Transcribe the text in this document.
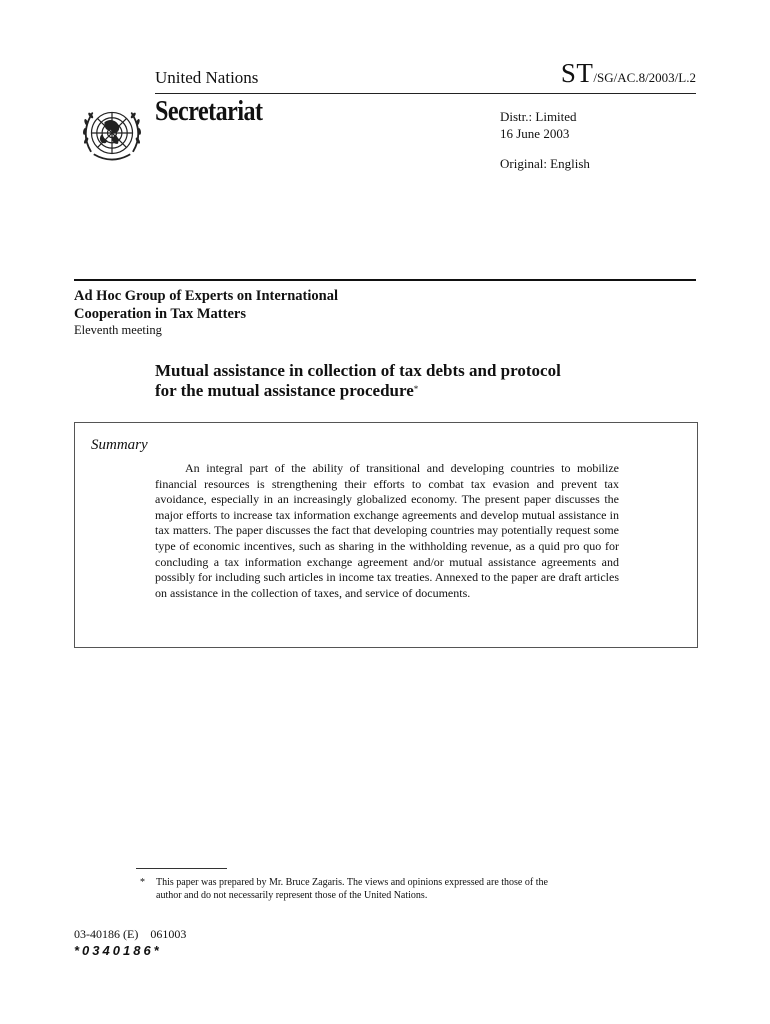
United Nations	ST/SG/AC.8/2003/L.2
Secretariat	Distr.: Limited
16 June 2003
Original: English
Ad Hoc Group of Experts on International
Cooperation in Tax Matters
Eleventh meeting
Mutual assistance in collection of tax debts and protocol
for the mutual assistance procedure*
Summary
An integral part of the ability of transitional and developing countries to mobilize financial resources is strengthening their efforts to combat tax evasion and prevent tax avoidance, especially in an increasingly globalized economy. The present paper discusses the major efforts to increase tax information exchange agreements and develop mutual assistance in tax matters. The paper discusses the fact that developing countries may potentially request some type of economic incentives, such as sharing in the withholding revenue, as a quid pro quo for concluding a tax information exchange agreement and/or mutual assistance agreements and possibly for including such articles in income tax treaties. Annexed to the paper are draft articles on assistance in the collection of taxes, and service of documents.
* This paper was prepared by Mr. Bruce Zagaris. The views and opinions expressed are those of the
author and do not necessarily represent those of the United Nations.
03-40186 (E) 061003
*0340186*
